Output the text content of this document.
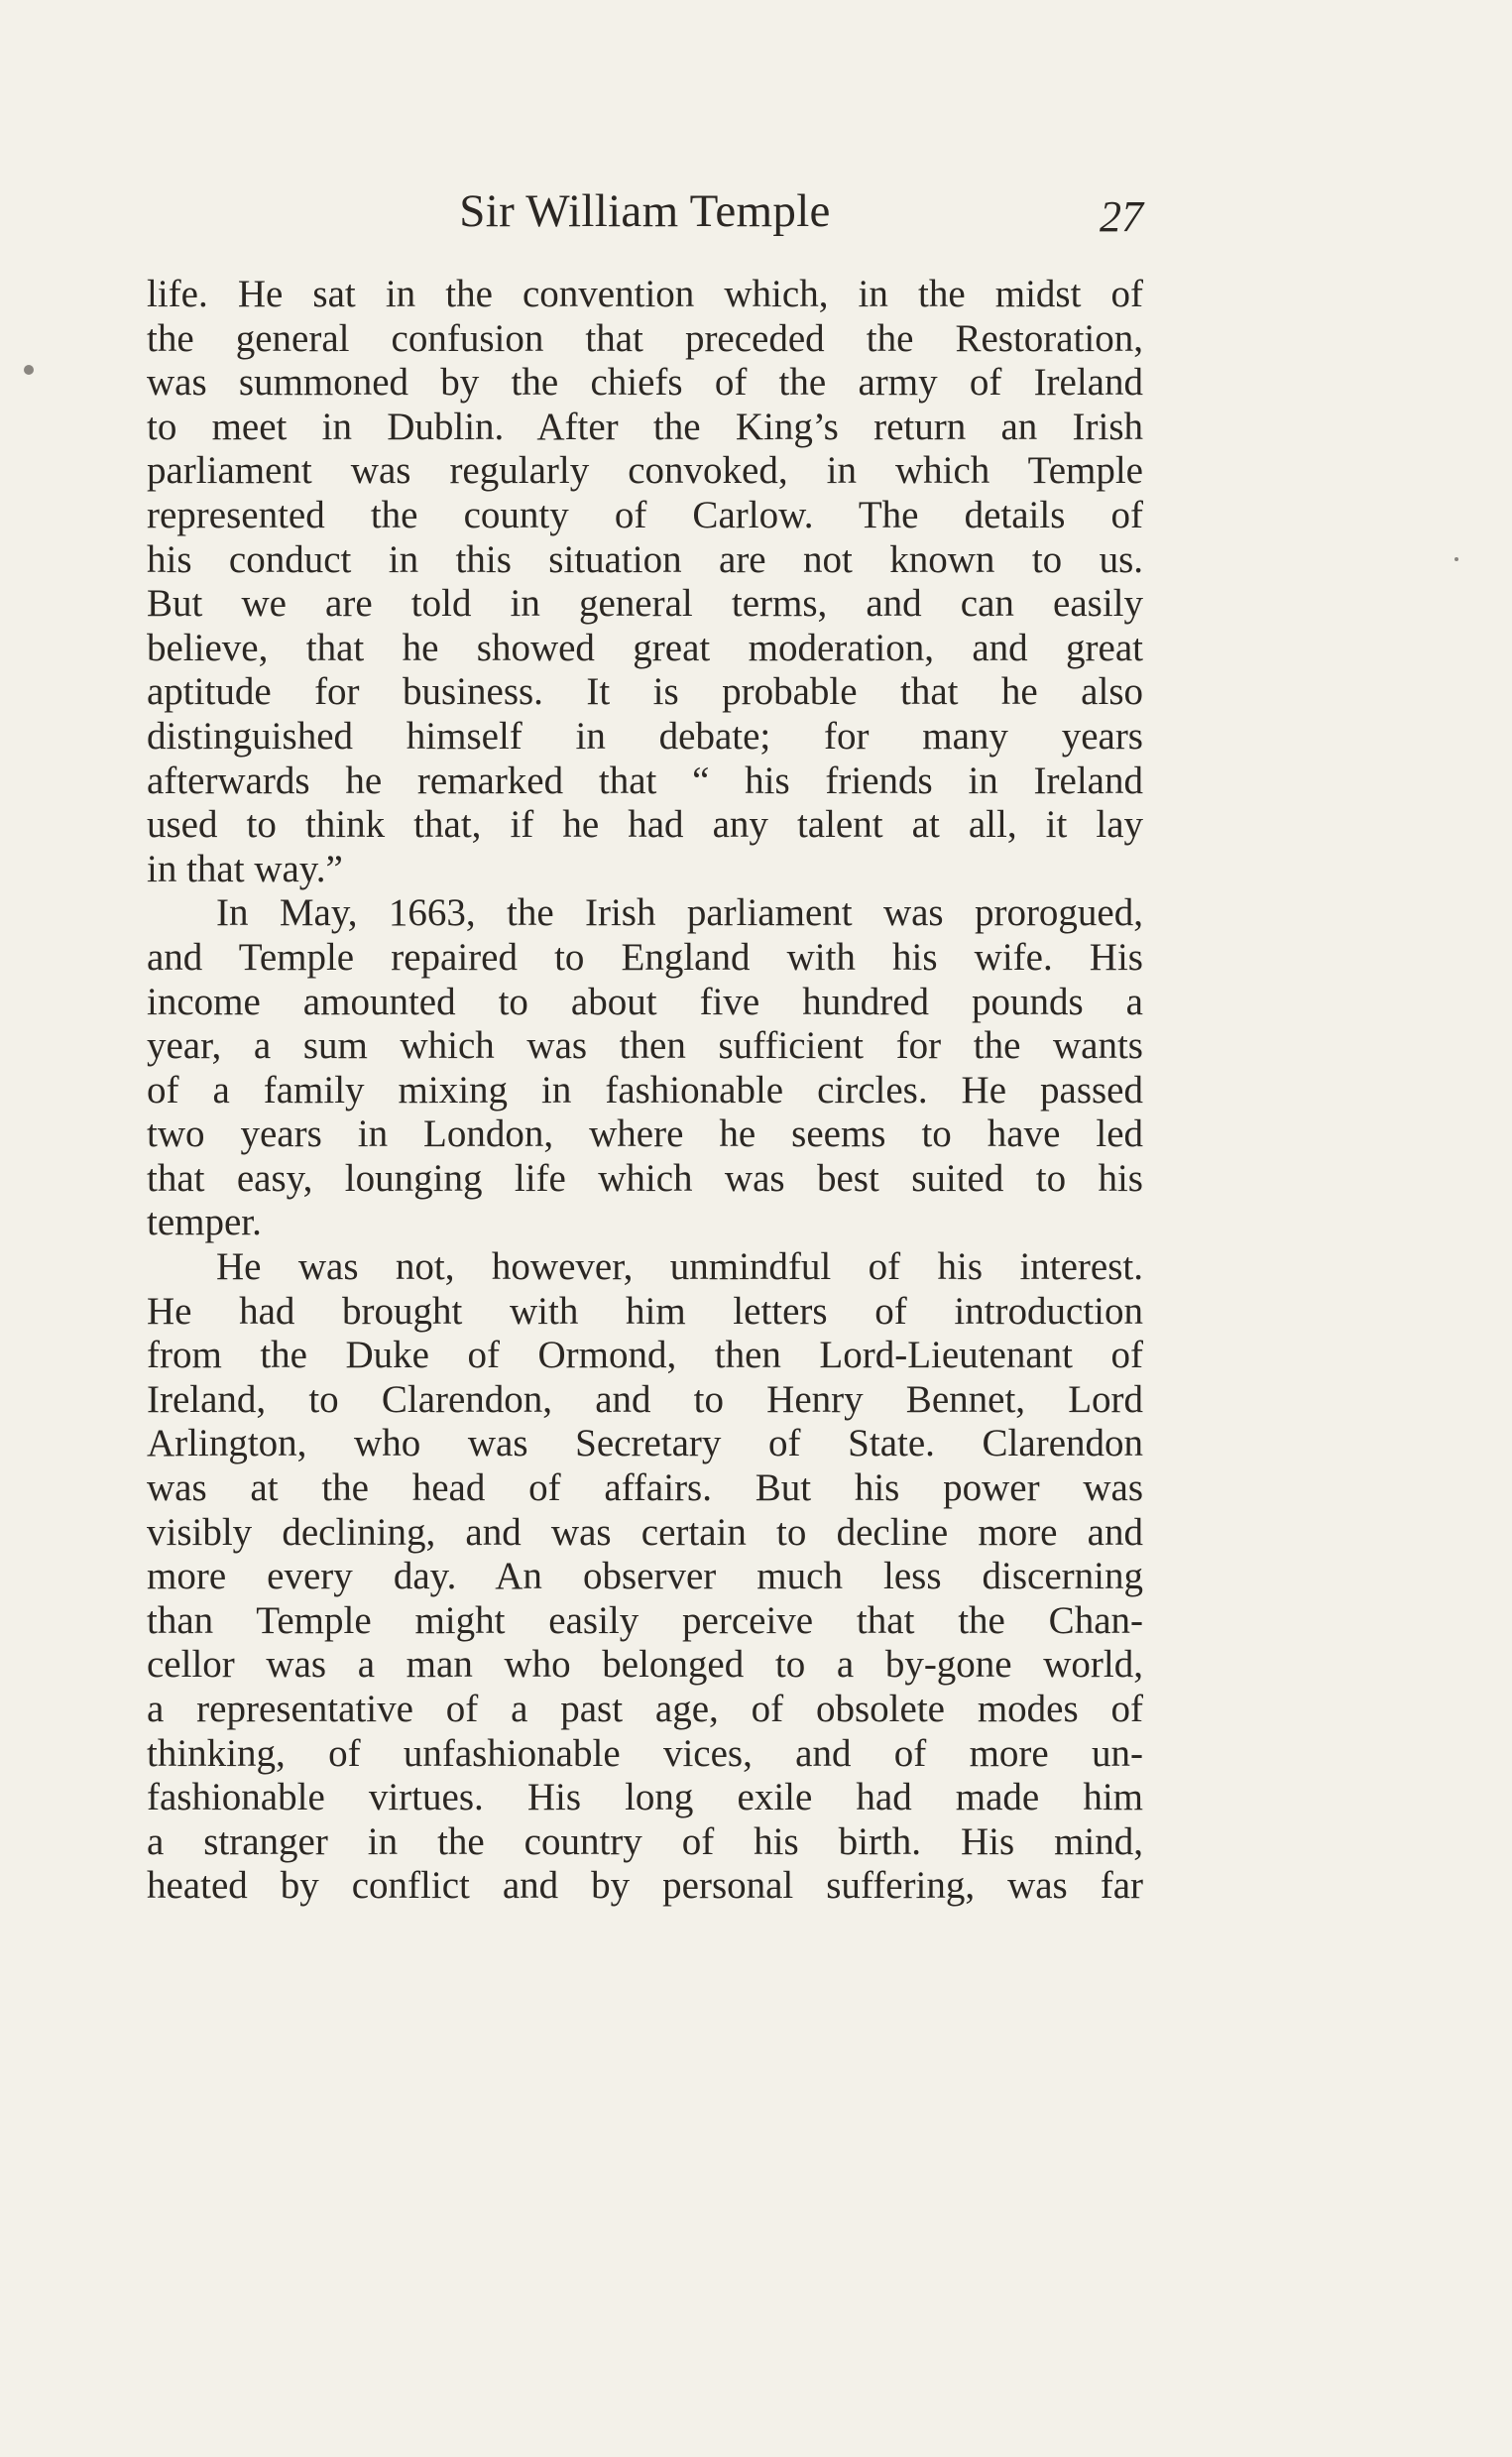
Sir William Temple	27
life. He sat in the convention which, in the midst of
the general confusion that preceded the Restoration,
was summoned by the chiefs of the army of Ireland
to meet in Dublin. After the King’s return an Irish
parliament was regularly convoked, in which Temple
represented the county of Carlow. The details of
his conduct in this situation are not known to us.
But we are told in general terms, and can easily
believe, that he showed great moderation, and great
aptitude for business. It is probable that he also
distinguished himself in debate; for many years
afterwards he remarked that “ his friends in Ireland
used to think that, if he had any talent at all, it lay
in that way.”
In May, 1663, the Irish parliament was prorogued,
and Temple repaired to England with his wife. His
income amounted to about five hundred pounds a
year, a sum which was then sufficient for the wants
of a family mixing in fashionable circles. He passed
two years in London, where he seems to have led
that easy, lounging life which was best suited to his
temper.
He was not, however, unmindful of his interest.
He had brought with him letters of introduction
from the Duke of Ormond, then Lord-Lieutenant of
Ireland, to Clarendon, and to Henry Bennet, Lord
Arlington, who was Secretary of State. Clarendon
was at the head of affairs. But his power was
visibly declining, and was certain to decline more and
more every day. An observer much less discerning
than Temple might easily perceive that the Chan-
cellor was a man who belonged to a by-gone world,
a representative of a past age, of obsolete modes of
thinking, of unfashionable vices, and of more un-
fashionable virtues. His long exile had made him
a stranger in the country of his birth. His mind,
heated by conflict and by personal suffering, was far
